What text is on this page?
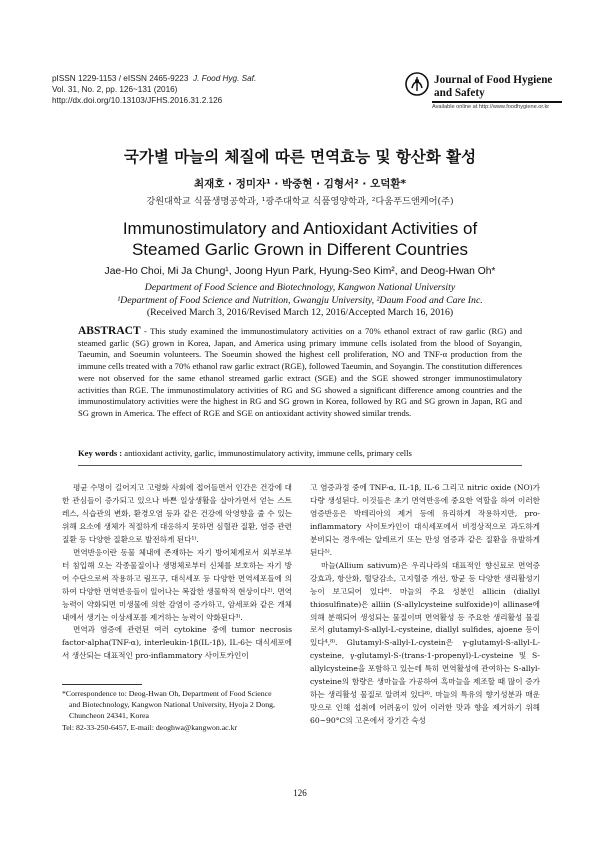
pISSN 1229-1153 / eISSN 2465-9223 J. Food Hyg. Saf.
Vol. 31, No. 2, pp. 126~131 (2016)
http://dx.doi.org/10.13103/JFHS.2016.31.2.126
Journal of Food Hygiene
and Safety
Available online at http://www.foodhygiene.or.kr
국가별 마늘의 체질에 따른 면역효능 및 항산화 활성
최재호 · 정미자¹ · 박중현 · 김형서² · 오덕환*
강원대학교 식품생명공학과, ¹광주대학교 식품영양학과, ²다움푸드앤케어(주)
Immunostimulatory and Antioxidant Activities of
Steamed Garlic Grown in Different Countries
Jae-Ho Choi, Mi Ja Chung¹, Joong Hyun Park, Hyung-Seo Kim², and Deog-Hwan Oh*
Department of Food Science and Biotechnology, Kangwon National University
¹Department of Food Science and Nutrition, Gwangju University, ²Daum Food and Care Inc.
(Received March 3, 2016/Revised March 12, 2016/Accepted March 16, 2016)
ABSTRACT - This study examined the immunostimulatory activities on a 70% ethanol extract of raw garlic (RG) and steamed garlic (SG) grown in Korea, Japan, and America using primary immune cells isolated from the blood of Soyangin, Taeumin, and Soeumin volunteers. The Soeumin showed the highest cell proliferation, NO and TNF-α production from the immune cells treated with a 70% ethanol raw garlic extract (RGE), followed Taeumin, and Soyangin. The constitution differences were not observed for the same ethanol streamed garlic extract (SGE) and the SGE showed stronger immunostimulatory activities than RGE. The immunostimulatory activities of RG and SG showed a significant difference among countries and the immunostimulatory activities were the highest in RG and SG grown in Korea, followed by RG and SG grown in Japan, RG and SG grown in America. The effect of RGE and SGE on antioxidant activity showed similar trends.
Key words : antioxidant activity, garlic, immunostimulatory activity, immune cells, primary cells

평균 수명이 길어지고 고령화 사회에 접어들면서 인간은 건강에 대한 관심들이 증가되고 있으나 바쁜 일상생활을 살아가면서 얻는 스트레스, 식습관의 변화, 환경오염 등과 같은 건강에 악영향을 줄 수 있는 위해 요소에 생체가 적절하게 대응하지 못하면 심혈관 질환, 염증 관련 질환 등 다양한 질환으로 발전하게 된다¹⁾.

면역반응이란 동물 체내에 존재하는 자기 방어체계로서 외부로부터 침입해 오는 각종물질이나 생명체로부터 신체를 보호하는 자기 방어 수단으로써 작용하고 림프구, 대식세포 등 다양한 면역세포들에 의하여 다양한 면역반응들이 일어나는 복잡한 생물학적 현상이다²⁾. 면역능력이 약화되면 미생물에 의한 감염이 증가하고, 암세포와 같은 개체 내에서 생기는 이상세포를 제거하는 능력이 약화된다³⁾.

면역과 염증에 관련된 여러 cytokine 중에 tumor necrosis factor-alpha(TNF-α), interleukin-1β(IL-1β), IL-6는 대식세포에서 생산되는 대표적인 pro-inflammatory 사이토카인이

고 염증과정 중에 TNF-α, IL-1β, IL-6 그리고 nitric oxide (NO)가 다량 생성된다. 이것들은 초기 면역반응에 중요한 역할을 하여 이러한 염증반응은 박테리아의 제거 등에 유리하게 작용하지만, pro-inflammatory 사이토카인이 대식세포에서 비정상적으로 과도하게 분비되는 경우에는 알레르기 또는 만성 염증과 같은 질환을 유발하게 된다⁵⁾.

마늘(Allium sativum)은 우리나라의 대표적인 향신료로 면역증강효과, 항산화, 혈당감소, 고지혈증 개선, 항균 등 다양한 생리활성기능이 보고되어 있다⁶⁾. 마늘의 주요 성분인 allicin (diallyl thiosulfinate)은 alliin (S-allylcysteine sulfoxide)이 allinase에 의해 분해되어 생성되는 물질이며 면역활성 등 주요한 생리활성 물질로서 glutamyl-S-allyl-L-cysteine, diallyl sulfides, ajoene 등이 있다⁴,⁸⁾. Glutamyl-S-allyl-L-cystein은 γ-glutamyl-S-allyl-L-cysteine, γ-glutamyl-S-(trans-1-propenyl)-L-cysteine 및 S-allylcysteine을 포함하고 있는데 특히 면역활성에 관여하는 S-allyl-cysteine의 함량은 생마늘을 가공하여 흑마늘을 제조할 때 많이 증가하는 생리활성 물질로 알려져 있다⁸⁾. 마늘의 특유의 향기성분과 매운 맛으로 인해 섭취에 어려움이 있어 이러한 맛과 향을 제거하기 위해 60~90°C의 고온에서 장기간 숙성

*Correspondence to: Deog-Hwan Oh, Department of Food Science
and Biotechnology, Kangwon National University, Hyoja 2 Dong,
Chuncheon 24341, Korea
Tel: 82-33-250-6457, E-mail: deoghwa@kangwon.ac.kr
126
